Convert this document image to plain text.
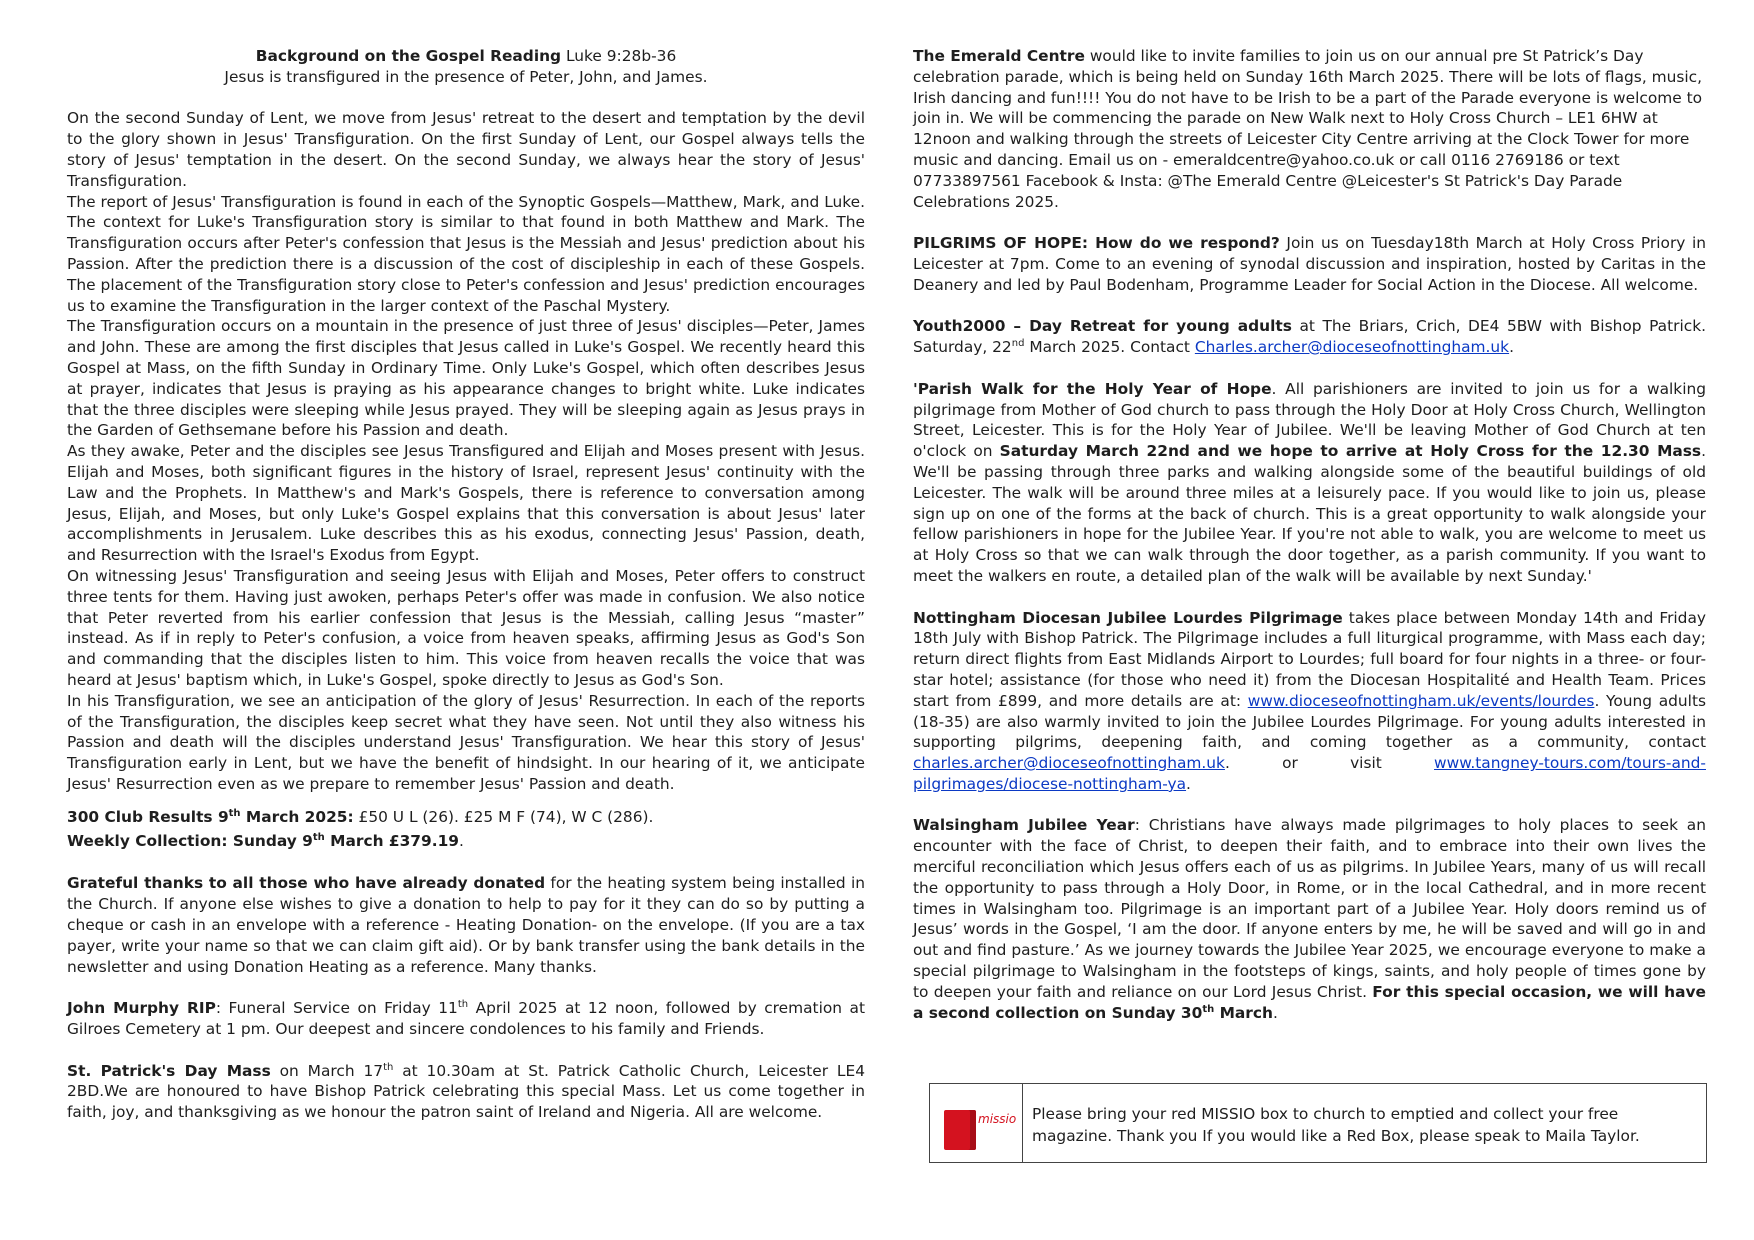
Background on the Gospel Reading Luke 9:28b-36

Jesus is transfigured in the presence of Peter, John, and James.

On the second Sunday of Lent, we move from Jesus' retreat to the desert and temptation by the devil to the glory shown in Jesus' Transfiguration. On the first Sunday of Lent, our Gospel always tells the story of Jesus' temptation in the desert. On the second Sunday, we always hear the story of Jesus' Transfiguration.

The report of Jesus' Transfiguration is found in each of the Synoptic Gospels—Matthew, Mark, and Luke. The context for Luke's Transfiguration story is similar to that found in both Matthew and Mark. The Transfiguration occurs after Peter's confession that Jesus is the Messiah and Jesus' prediction about his Passion. After the prediction there is a discussion of the cost of discipleship in each of these Gospels. The placement of the Transfiguration story close to Peter's confession and Jesus' prediction encourages us to examine the Transfiguration in the larger context of the Paschal Mystery.

The Transfiguration occurs on a mountain in the presence of just three of Jesus' disciples—Peter, James and John. These are among the first disciples that Jesus called in Luke's Gospel. We recently heard this Gospel at Mass, on the fifth Sunday in Ordinary Time. Only Luke's Gospel, which often describes Jesus at prayer, indicates that Jesus is praying as his appearance changes to bright white. Luke indicates that the three disciples were sleeping while Jesus prayed. They will be sleeping again as Jesus prays in the Garden of Gethsemane before his Passion and death.

As they awake, Peter and the disciples see Jesus Transfigured and Elijah and Moses present with Jesus. Elijah and Moses, both significant figures in the history of Israel, represent Jesus' continuity with the Law and the Prophets. In Matthew's and Mark's Gospels, there is reference to conversation among Jesus, Elijah, and Moses, but only Luke's Gospel explains that this conversation is about Jesus' later accomplishments in Jerusalem. Luke describes this as his exodus, connecting Jesus' Passion, death, and Resurrection with the Israel's Exodus from Egypt.

On witnessing Jesus' Transfiguration and seeing Jesus with Elijah and Moses, Peter offers to construct three tents for them. Having just awoken, perhaps Peter's offer was made in confusion. We also notice that Peter reverted from his earlier confession that Jesus is the Messiah, calling Jesus “master” instead. As if in reply to Peter's confusion, a voice from heaven speaks, affirming Jesus as God's Son and commanding that the disciples listen to him. This voice from heaven recalls the voice that was heard at Jesus' baptism which, in Luke's Gospel, spoke directly to Jesus as God's Son.

In his Transfiguration, we see an anticipation of the glory of Jesus' Resurrection. In each of the reports of the Transfiguration, the disciples keep secret what they have seen. Not until they also witness his Passion and death will the disciples understand Jesus' Transfiguration. We hear this story of Jesus' Transfiguration early in Lent, but we have the benefit of hindsight. In our hearing of it, we anticipate Jesus' Resurrection even as we prepare to remember Jesus' Passion and death.

300 Club Results 9th March 2025: £50 U L (26). £25 M F (74), W C (286).

Weekly Collection: Sunday 9th March £379.19.

Grateful thanks to all those who have already donated for the heating system being installed in the Church. If anyone else wishes to give a donation to help to pay for it they can do so by putting a cheque or cash in an envelope with a reference - Heating Donation- on the envelope. (If you are a tax payer, write your name so that we can claim gift aid). Or by bank transfer using the bank details in the newsletter and using Donation Heating as a reference. Many thanks.

John Murphy RIP: Funeral Service on Friday 11th April 2025 at 12 noon, followed by cremation at Gilroes Cemetery at 1 pm. Our deepest and sincere condolences to his family and Friends.

St. Patrick's Day Mass on March 17th at 10.30am at St. Patrick Catholic Church, Leicester LE4 2BD.We are honoured to have Bishop Patrick celebrating this special Mass. Let us come together in faith, joy, and thanksgiving as we honour the patron saint of Ireland and Nigeria. All are welcome.

The Emerald Centre would like to invite families to join us on our annual pre St Patrick’s Day celebration parade, which is being held on Sunday 16th March 2025. There will be lots of flags, music, Irish dancing and fun!!!! You do not have to be Irish to be a part of the Parade everyone is welcome to join in. We will be commencing the parade on New Walk next to Holy Cross Church – LE1 6HW at 12noon and walking through the streets of Leicester City Centre arriving at the Clock Tower for more music and dancing. Email us on - emeraldcentre@yahoo.co.uk or call 0116 2769186 or text 07733897561 Facebook & Insta: @The Emerald Centre @Leicester's St Patrick's Day Parade Celebrations 2025.

PILGRIMS OF HOPE: How do we respond? Join us on Tuesday18th March at Holy Cross Priory in Leicester at 7pm. Come to an evening of synodal discussion and inspiration, hosted by Caritas in the Deanery and led by Paul Bodenham, Programme Leader for Social Action in the Diocese. All welcome.

Youth2000 – Day Retreat for young adults at The Briars, Crich, DE4 5BW with Bishop Patrick. Saturday, 22nd March 2025. Contact Charles.archer@dioceseofnottingham.uk.

'Parish Walk for the Holy Year of Hope. All parishioners are invited to join us for a walking pilgrimage from Mother of God church to pass through the Holy Door at Holy Cross Church, Wellington Street, Leicester. This is for the Holy Year of Jubilee. We'll be leaving Mother of God Church at ten o'clock on Saturday March 22nd and we hope to arrive at Holy Cross for the 12.30 Mass. We'll be passing through three parks and walking alongside some of the beautiful buildings of old Leicester. The walk will be around three miles at a leisurely pace. If you would like to join us, please sign up on one of the forms at the back of church. This is a great opportunity to walk alongside your fellow parishioners in hope for the Jubilee Year. If you're not able to walk, you are welcome to meet us at Holy Cross so that we can walk through the door together, as a parish community. If you want to meet the walkers en route, a detailed plan of the walk will be available by next Sunday.'

Nottingham Diocesan Jubilee Lourdes Pilgrimage takes place between Monday 14th and Friday 18th July with Bishop Patrick. The Pilgrimage includes a full liturgical programme, with Mass each day; return direct flights from East Midlands Airport to Lourdes; full board for four nights in a three- or four- star hotel; assistance (for those who need it) from the Diocesan Hospitalité and Health Team. Prices start from £899, and more details are at: www.dioceseofnottingham.uk/events/lourdes. Young adults (18-35) are also warmly invited to join the Jubilee Lourdes Pilgrimage. For young adults interested in supporting pilgrims, deepening faith, and coming together as a community, contact charles.archer@dioceseofnottingham.uk. or visit www.tangney-tours.com/tours-and-pilgrimages/diocese-nottingham-ya.

Walsingham Jubilee Year: Christians have always made pilgrimages to holy places to seek an encounter with the face of Christ, to deepen their faith, and to embrace into their own lives the merciful reconciliation which Jesus offers each of us as pilgrims. In Jubilee Years, many of us will recall the opportunity to pass through a Holy Door, in Rome, or in the local Cathedral, and in more recent times in Walsingham too. Pilgrimage is an important part of a Jubilee Year. Holy doors remind us of Jesus’ words in the Gospel, ‘I am the door. If anyone enters by me, he will be saved and will go in and out and find pasture.’ As we journey towards the Jubilee Year 2025, we encourage everyone to make a special pilgrimage to Walsingham in the footsteps of kings, saints, and holy people of times gone by to deepen your faith and reliance on our Lord Jesus Christ. For this special occasion, we will have a second collection on Sunday 30th March.

missio Please bring your red MISSIO box to church to emptied and collect your free magazine. Thank you If you would like a Red Box, please speak to Maila Taylor.
